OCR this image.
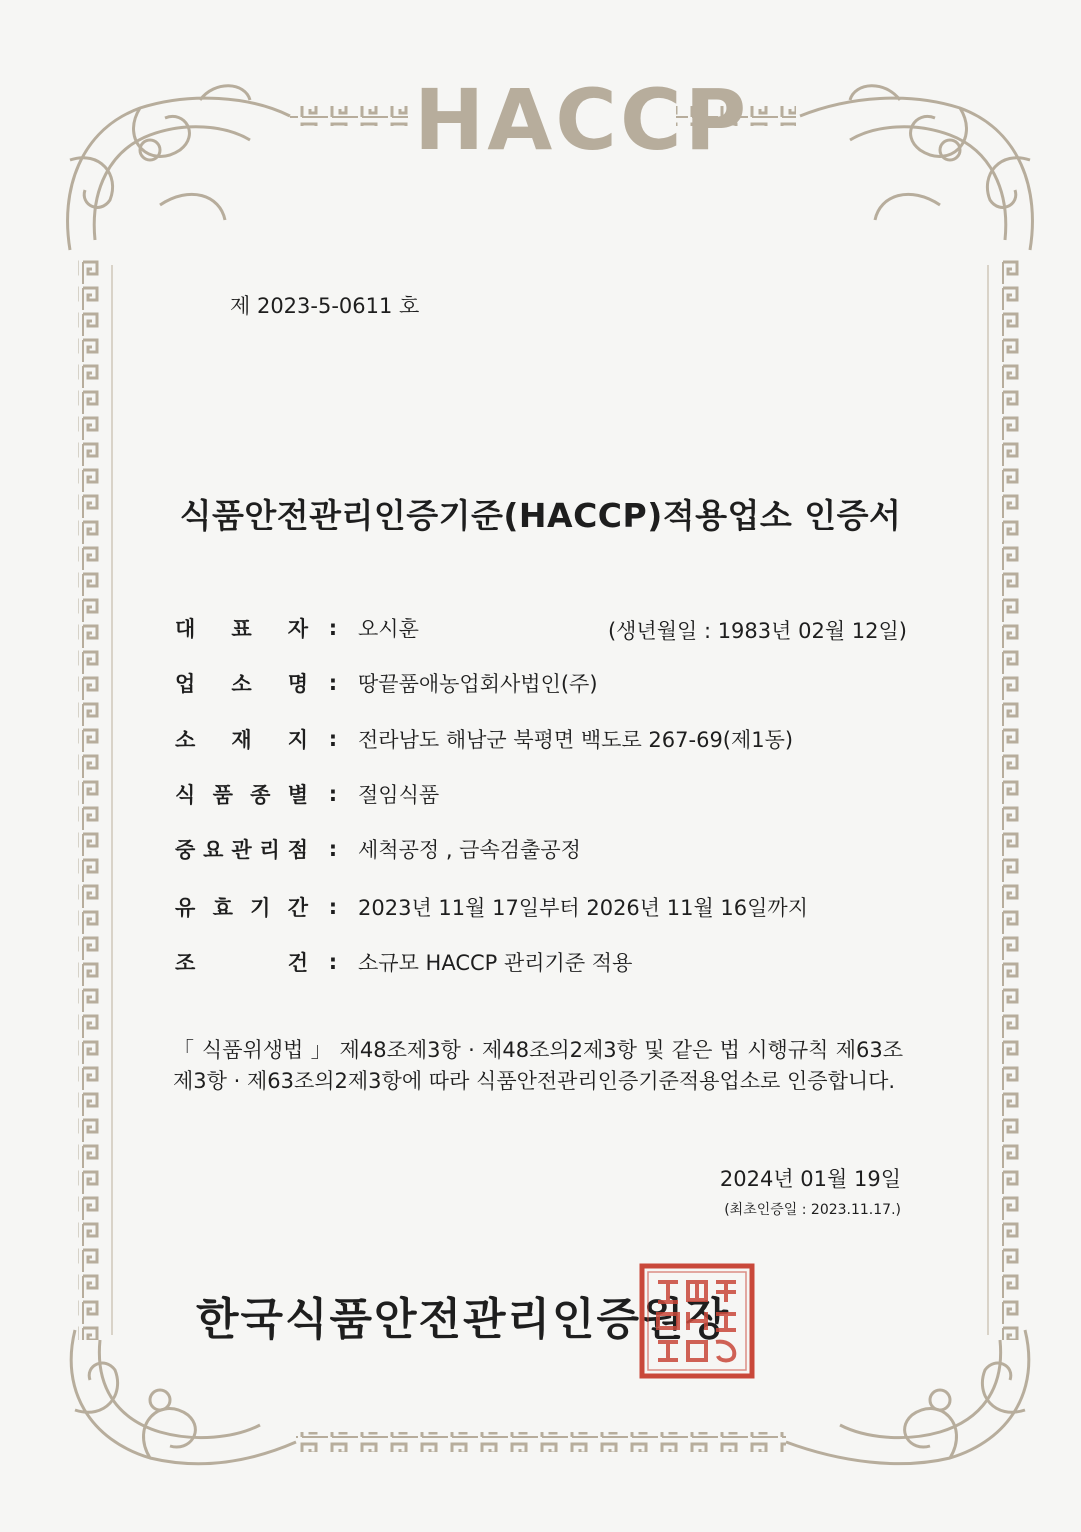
HACCP
제 2023-5-0611 호
식품안전관리인증기준(HACCP)적용업소 인증서
대 표 자 : 오시훈	(생년월일 : 1983년 02월 12일)
업 소 명 : 땅끝품애농업회사법인(주)
소 재 지 : 전라남도 해남군 북평면 백도로 267-69(제1동)
식 품 종 별 : 절임식품
중 요 관 리 점 : 세척공정 , 금속검출공정
유 효 기 간 : 2023년 11월 17일부터 2026년 11월 16일까지
조	건 : 소규모 HACCP 관리기준 적용
「 식품위생법 」 제48조제3항 · 제48조의2제3항 및 같은 법 시행규칙 제63조제3항 · 제63조의2제3항에 따라 식품안전관리인증기준적용업소로 인증합니다.
2024년 01월 19일
(최초인증일 : 2023.11.17.)
한국식품안전관리인증원장
